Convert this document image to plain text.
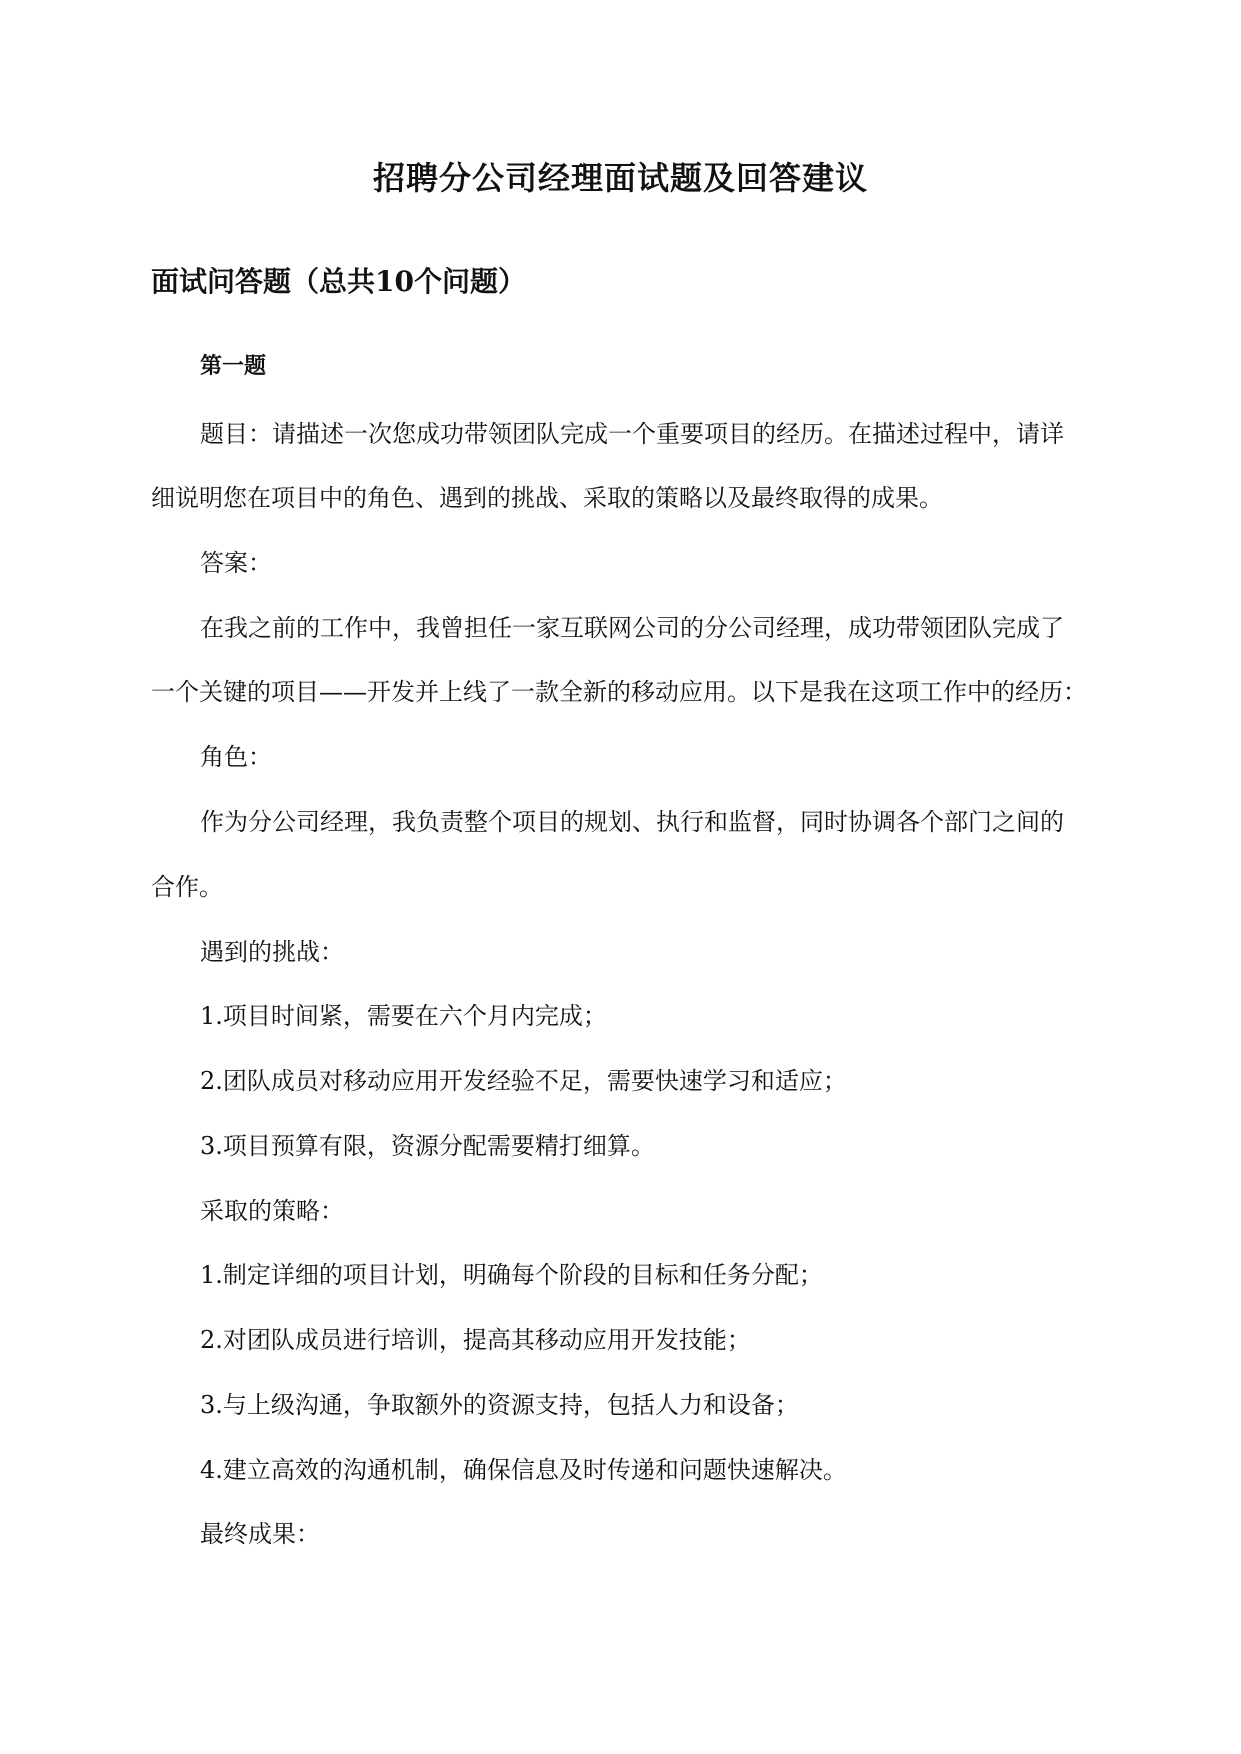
招聘分公司经理面试题及回答建议
面试问答题（总共10个问题）
第一题
题目：请描述一次您成功带领团队完成一个重要项目的经历。在描述过程中，请详
细说明您在项目中的角色、遇到的挑战、采取的策略以及最终取得的成果。
答案：
在我之前的工作中，我曾担任一家互联网公司的分公司经理，成功带领团队完成了
一个关键的项目——开发并上线了一款全新的移动应用。以下是我在这项工作中的经历：
角色：
作为分公司经理，我负责整个项目的规划、执行和监督，同时协调各个部门之间的
合作。
遇到的挑战：
1.项目时间紧，需要在六个月内完成；
2.团队成员对移动应用开发经验不足，需要快速学习和适应；
3.项目预算有限，资源分配需要精打细算。
采取的策略：
1.制定详细的项目计划，明确每个阶段的目标和任务分配；
2.对团队成员进行培训，提高其移动应用开发技能；
3.与上级沟通，争取额外的资源支持，包括人力和设备；
4.建立高效的沟通机制，确保信息及时传递和问题快速解决。
最终成果：
